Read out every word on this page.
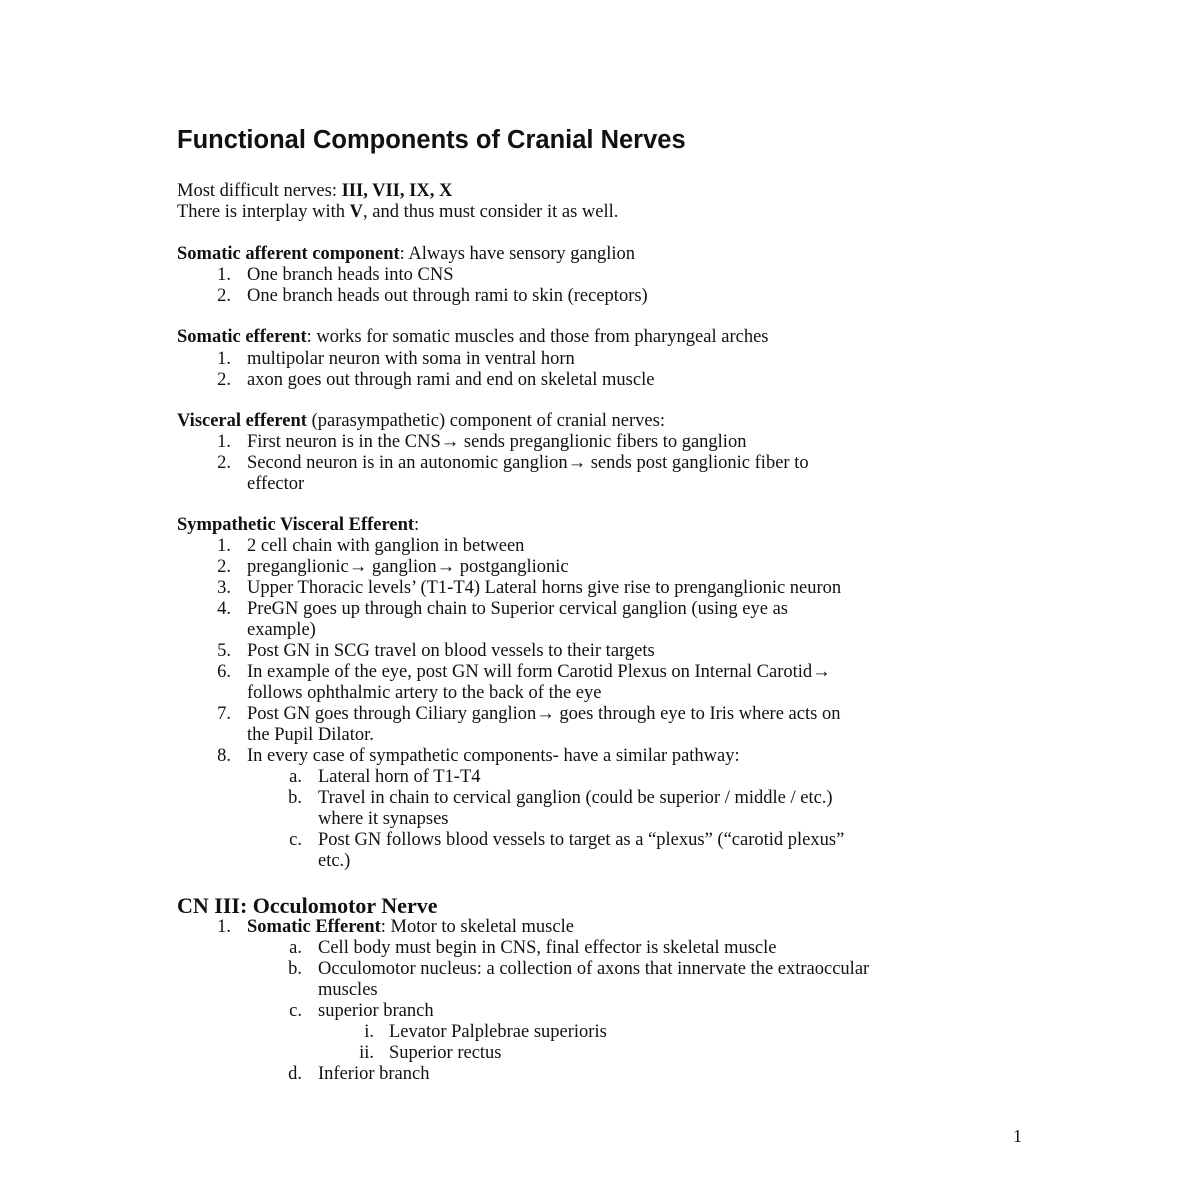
Functional Components of Cranial Nerves
Most difficult nerves: III, VII, IX, X
There is interplay with V, and thus must consider it as well.
Somatic afferent component: Always have sensory ganglion
1. One branch heads into CNS
2. One branch heads out through rami to skin (receptors)
Somatic efferent: works for somatic muscles and those from pharyngeal arches
1. multipolar neuron with soma in ventral horn
2. axon goes out through rami and end on skeletal muscle
Visceral efferent (parasympathetic) component of cranial nerves:
1. First neuron is in the CNS→ sends preganglionic fibers to ganglion
2. Second neuron is in an autonomic ganglion→ sends post ganglionic fiber to
effector
Sympathetic Visceral Efferent:
1. 2 cell chain with ganglion in between
2. preganglionic→ ganglion→ postganglionic
3. Upper Thoracic levels’ (T1-T4) Lateral horns give rise to prenganglionic neuron
4. PreGN goes up through chain to Superior cervical ganglion (using eye as
example)
5. Post GN in SCG travel on blood vessels to their targets
6. In example of the eye, post GN will form Carotid Plexus on Internal Carotid→
follows ophthalmic artery to the back of the eye
7. Post GN goes through Ciliary ganglion→ goes through eye to Iris where acts on
the Pupil Dilator.
8. In every case of sympathetic components- have a similar pathway:
a. Lateral horn of T1-T4
b. Travel in chain to cervical ganglion (could be superior / middle / etc.)
where it synapses
c. Post GN follows blood vessels to target as a “plexus” (“carotid plexus”
etc.)
CN III: Occulomotor Nerve
1. Somatic Efferent: Motor to skeletal muscle
a. Cell body must begin in CNS, final effector is skeletal muscle
b. Occulomotor nucleus: a collection of axons that innervate the extraoccular
muscles
c. superior branch
i. Levator Palplebrae superioris
ii. Superior rectus
d. Inferior branch
1
